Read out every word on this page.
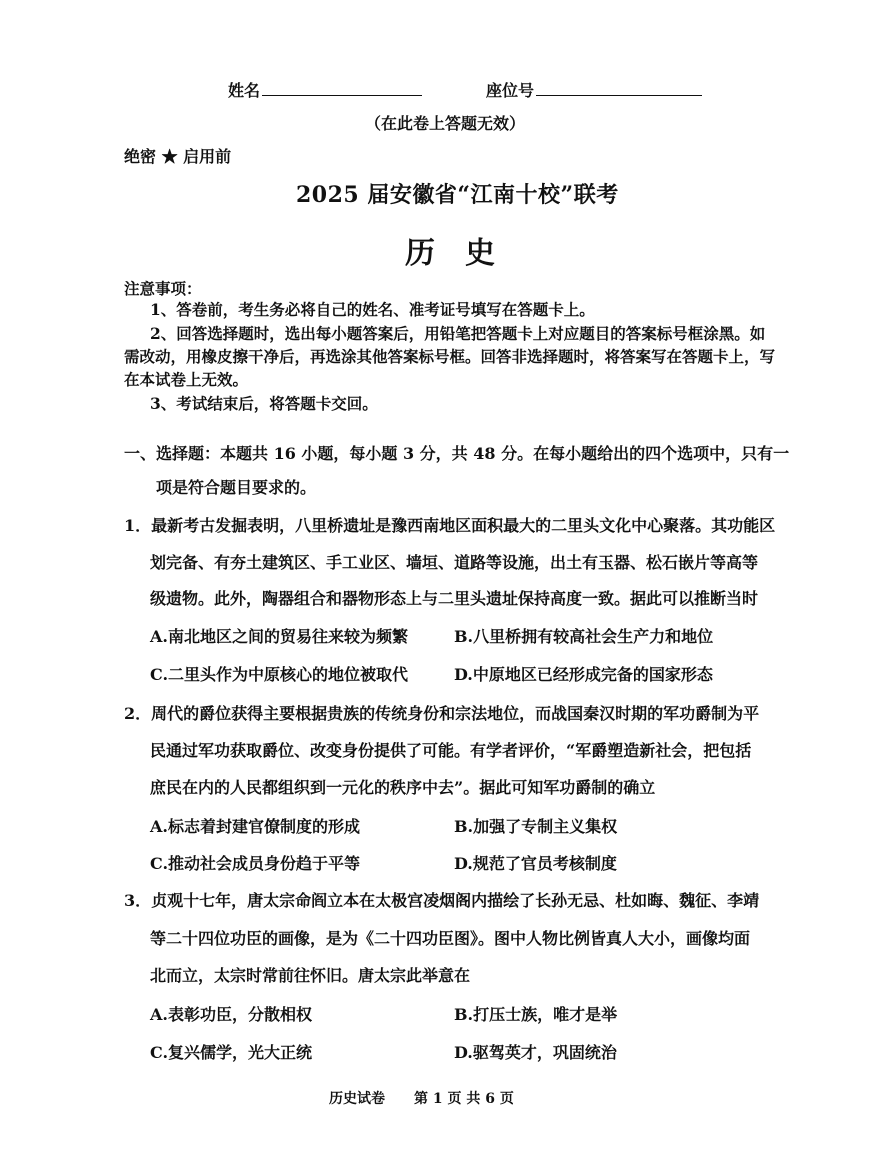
姓名	座位号
（在此卷上答题无效）
绝密 ★ 启用前
2025 届安徽省“江南十校”联考
历　史
注意事项：
1、答卷前，考生务必将自己的姓名、准考证号填写在答题卡上。
2、回答选择题时，选出每小题答案后，用铅笔把答题卡上对应题目的答案标号框涂黑。如
需改动，用橡皮擦干净后，再选涂其他答案标号框。回答非选择题时，将答案写在答题卡上，写
在本试卷上无效。
3、考试结束后，将答题卡交回。
一、选择题：本题共 16 小题，每小题 3 分，共 48 分。在每小题给出的四个选项中，只有一
项是符合题目要求的。
1．最新考古发掘表明，八里桥遗址是豫西南地区面积最大的二里头文化中心聚落。其功能区
划完备、有夯土建筑区、手工业区、墙垣、道路等设施，出土有玉器、松石嵌片等高等
级遗物。此外，陶器组合和器物形态上与二里头遗址保持高度一致。据此可以推断当时
A.南北地区之间的贸易往来较为频繁	B.八里桥拥有较高社会生产力和地位
C.二里头作为中原核心的地位被取代	D.中原地区已经形成完备的国家形态
2．周代的爵位获得主要根据贵族的传统身份和宗法地位，而战国秦汉时期的军功爵制为平
民通过军功获取爵位、改变身份提供了可能。有学者评价，“军爵塑造新社会，把包括
庶民在内的人民都组织到一元化的秩序中去”。据此可知军功爵制的确立
A.标志着封建官僚制度的形成	B.加强了专制主义集权
C.推动社会成员身份趋于平等	D.规范了官员考核制度
3．贞观十七年，唐太宗命阎立本在太极宫凌烟阁内描绘了长孙无忌、杜如晦、魏征、李靖
等二十四位功臣的画像，是为《二十四功臣图》。图中人物比例皆真人大小，画像均面
北而立，太宗时常前往怀旧。唐太宗此举意在
A.表彰功臣，分散相权	B.打压士族，唯才是举
C.复兴儒学，光大正统	D.驱驾英才，巩固统治
历史试卷 第 1 页 共 6 页
